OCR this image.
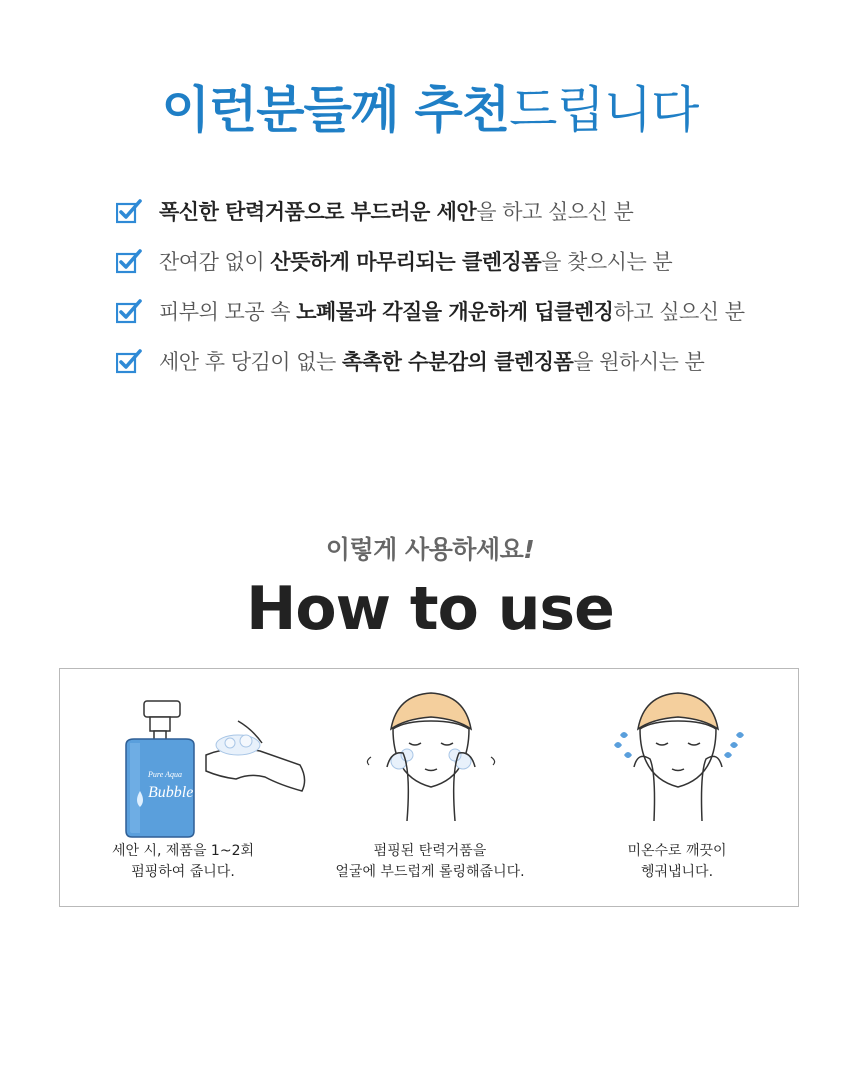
이런분들께 추천드립니다
폭신한 탄력거품으로 부드러운 세안을 하고 싶으신 분
잔여감 없이 산뜻하게 마무리되는 클렌징폼을 찾으시는 분
피부의 모공 속 노폐물과 각질을 개운하게 딥클렌징하고 싶으신 분
세안 후 당김이 없는 촉촉한 수분감의 클렌징폼을 원하시는 분
이렇게 사용하세요!
How to use
Pure Aqua
Bubble
세안 시, 제품을 1~2회
펌핑하여 줍니다.
펌핑된 탄력거품을
얼굴에 부드럽게 롤링해줍니다.
미온수로 깨끗이
헹궈냅니다.
